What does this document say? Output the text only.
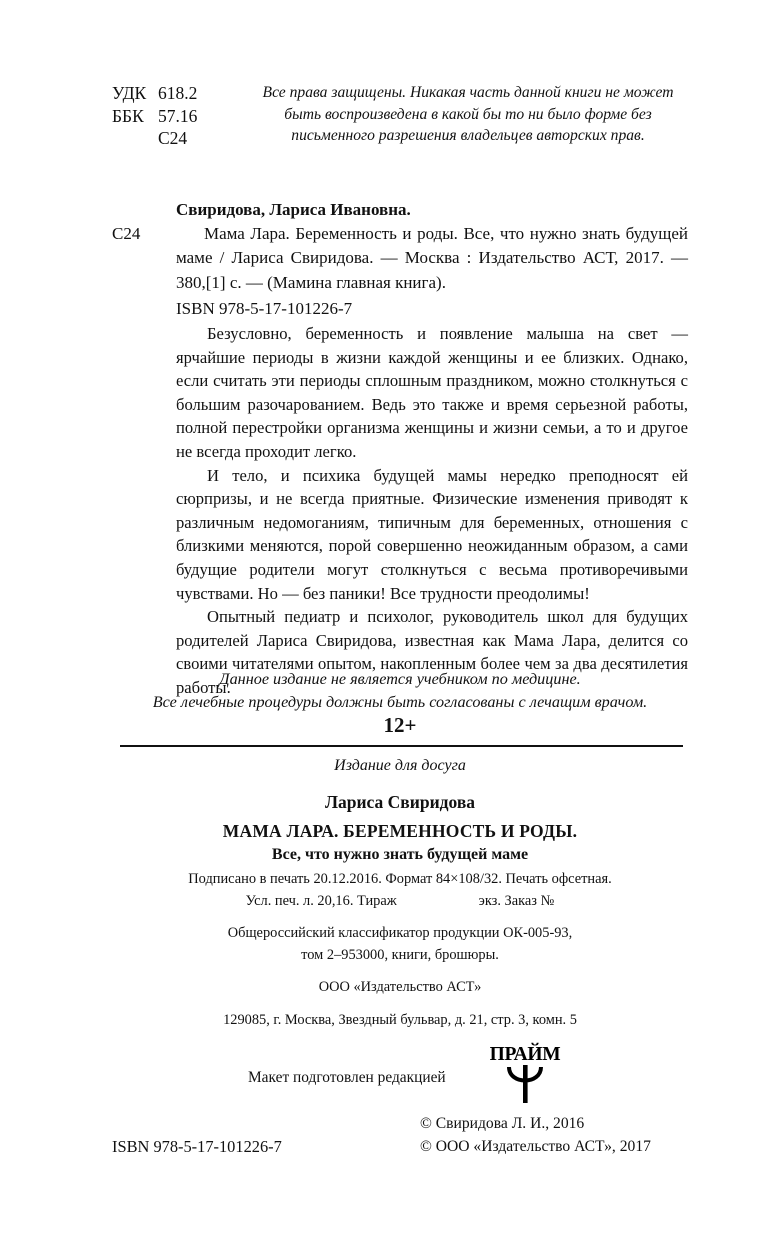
УДК 618.2
ББК 57.16
С24
Все права защищены. Никакая часть данной книги не может быть воспроизведена в какой бы то ни было форме без письменного разрешения владельцев авторских прав.
Свиридова, Лариса Ивановна.
С24	Мама Лара. Беременность и роды. Все, что нужно знать будущей маме / Лариса Свиридова. — Москва : Издательство АСТ, 2017. — 380,[1] с. — (Мамина главная книга).
ISBN 978-5-17-101226-7

Безусловно, беременность и появление малыша на свет — ярчайшие периоды в жизни каждой женщины и ее близких. Однако, если считать эти периоды сплошным праздником, можно столкнуться с большим разочарованием. Ведь это также и время серьезной работы, полной перестройки организма женщины и жизни семьи, а то и другое не всегда проходит легко.

И тело, и психика будущей мамы нередко преподносят ей сюрпризы, и не всегда приятные. Физические изменения приводят к различным недомоганиям, типичным для беременных, отношения с близкими меняются, порой совершенно неожиданным образом, а сами будущие родители могут столкнуться с весьма противоречивыми чувствами. Но — без паники! Все трудности преодолимы!

Опытный педиатр и психолог, руководитель школ для будущих родителей Лариса Свиридова, известная как Мама Лара, делится со своими читателями опытом, накопленным более чем за два десятилетия работы.

Данное издание не является учебником по медицине.
Все лечебные процедуры должны быть согласованы с лечащим врачом.
12+
Издание для досуга
Лариса Свиридова
МАМА ЛАРА. БЕРЕМЕННОСТЬ И РОДЫ.
Все, что нужно знать будущей маме
Подписано в печать 20.12.2016. Формат 84×108/32. Печать офсетная.
Усл. печ. л. 20,16. Тираж	экз. Заказ №
Общероссийский классификатор продукции ОК-005-93,
том 2–953000, книги, брошюры.
ООО «Издательство АСТ»
129085, г. Москва, Звездный бульвар, д. 21, стр. 3, комн. 5
Макет подготовлен редакцией
ПРАЙМ
ISBN 978-5-17-101226-7
© Свиридова Л. И., 2016
© ООО «Издательство АСТ», 2017
